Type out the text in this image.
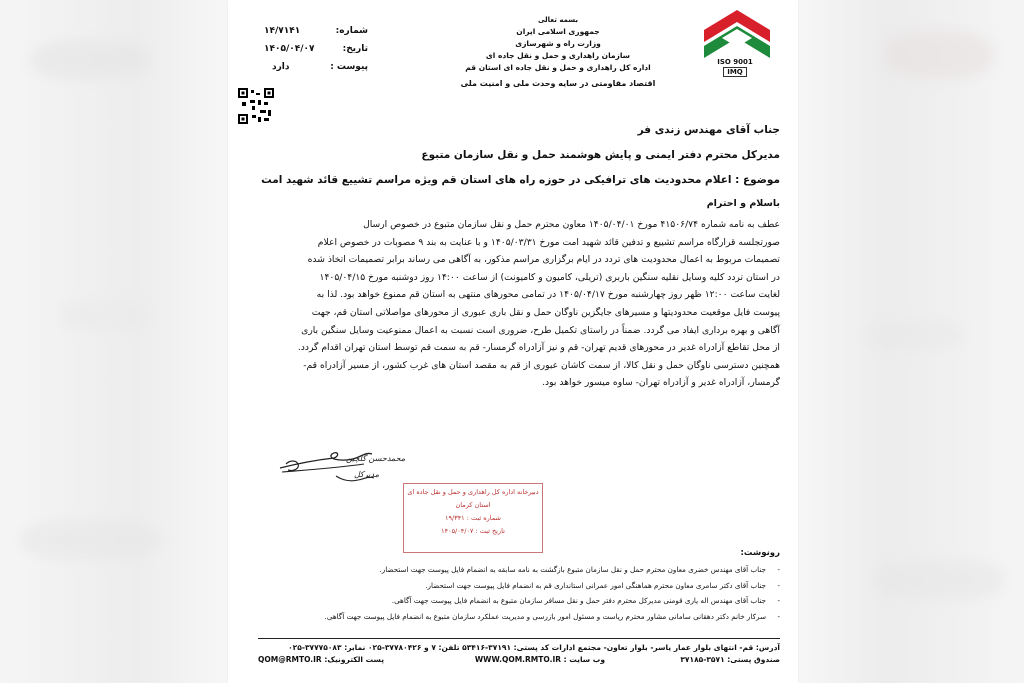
ISO 9001
IMQ
بسمه تعالی
جمهوری اسلامی ایران
وزارت راه و شهرسازی
سازمان راهداری و حمل و نقل جاده ای
اداره کل راهداری و حمل و نقل جاده ای استان قم
اقتصاد مقاومتی در سایه وحدت ملی و امنیت ملی
شماره:
۱۴/۷۱۴۱
تاریخ:
۱۴۰۵/۰۴/۰۷
پیوست :
دارد
جناب آقای مهندس زندی فر
مدیرکل محترم دفتر ایمنی و پایش هوشمند حمل و نقل سازمان متبوع
موضوع : اعلام محدودیت های ترافیکی در حوزه راه های استان قم ویژه مراسم تشییع قائد شهید امت
باسلام و احترام
عطف به نامه شماره ۴۱۵۰۶/۷۴ مورخ ۱۴۰۵/۰۴/۰۱ معاون محترم حمل و نقل سازمان متبوع در خصوص ارسال
صورتجلسه قرارگاه مراسم تشییع و تدفین قائد شهید امت مورخ ۱۴۰۵/۰۳/۳۱ و با عنایت به بند ۹ مصوبات در خصوص اعلام
تصمیمات مربوط به اعمال محدودیت های تردد در ایام برگزاری مراسم مذکور، به آگاهی می رساند برابر تصمیمات اتخاذ شده
در استان تردد کلیه وسایل نقلیه سنگین باربری (تریلی، کامیون و کامیونت) از ساعت ۱۴:۰۰ روز دوشنبه مورخ ۱۴۰۵/۰۴/۱۵
لغایت ساعت ۱۲:۰۰ ظهر روز چهارشنبه مورخ ۱۴۰۵/۰۴/۱۷ در تمامی محورهای منتهی به استان قم ممنوع خواهد بود. لذا به
پیوست فایل موقعیت محدودیتها و مسیرهای جایگزین ناوگان حمل و نقل باری عبوری از محورهای مواصلاتی استان قم، جهت
آگاهی و بهره برداری ایفاد می گردد. ضمناً در راستای تکمیل طرح، ضروری است نسبت به اعمال ممنوعیت وسایل سنگین باری
از محل تقاطع آزادراه غدیر در محورهای قدیم تهران- قم و نیز آزادراه گرمسار- قم به سمت قم توسط استان تهران اقدام گردد.
همچنین دسترسی ناوگان حمل و نقل کالا، از سمت کاشان عبوری از قم به مقصد استان های غرب کشور، از مسیر آزادراه قم-
گرمسار، آزادراه غدیر و آزادراه تهران- ساوه میسور خواهد بود.
محمدحسن گلچین
مدیرکل
دبیرخانه اداره کل راهداری و حمل و نقل جاده ای
استان کرمان
شماره ثبت : ۱۹/۳۴۱
تاریخ ثبت : ۱۴۰۵/۰۴/۰۷
رونوشت:
-
جناب آقای مهندس خضری معاون محترم حمل و نقل سازمان متبوع بازگشت به نامه سابقه به انضمام فایل پیوست جهت استحضار.
-
جناب آقای دکتر سامری معاون محترم هماهنگی امور عمرانی استانداری قم به انضمام فایل پیوست جهت استحضار.
-
جناب آقای مهندس اله یاری قومنی مدیرکل محترم دفتر حمل و نقل مسافر سازمان متبوع به انضمام فایل پیوست جهت آگاهی.
-
سرکار خانم دکتر دهقانی سامانی مشاور محترم ریاست و مسئول امور بازرسی و مدیریت عملکرد سازمان متبوع به انضمام فایل پیوست جهت آگاهی.
آدرس: قم- انتهای بلوار عمار یاسر- بلوار تعاون- مجتمع ادارات کد پستی: ۳۷۱۹۱-۵۳۴۱۶ تلفن: ۷ و ۳۷۷۸۰۴۲۶-۰۲۵ نمابر: ۳۷۷۷۵۰۸۳-۰۲۵
صندوق پستی: ۳۵۷۱-۳۷۱۸۵
وب سایت : WWW.QOM.RMTO.IR
پست الکترونیک: QOM@RMTO.IR
